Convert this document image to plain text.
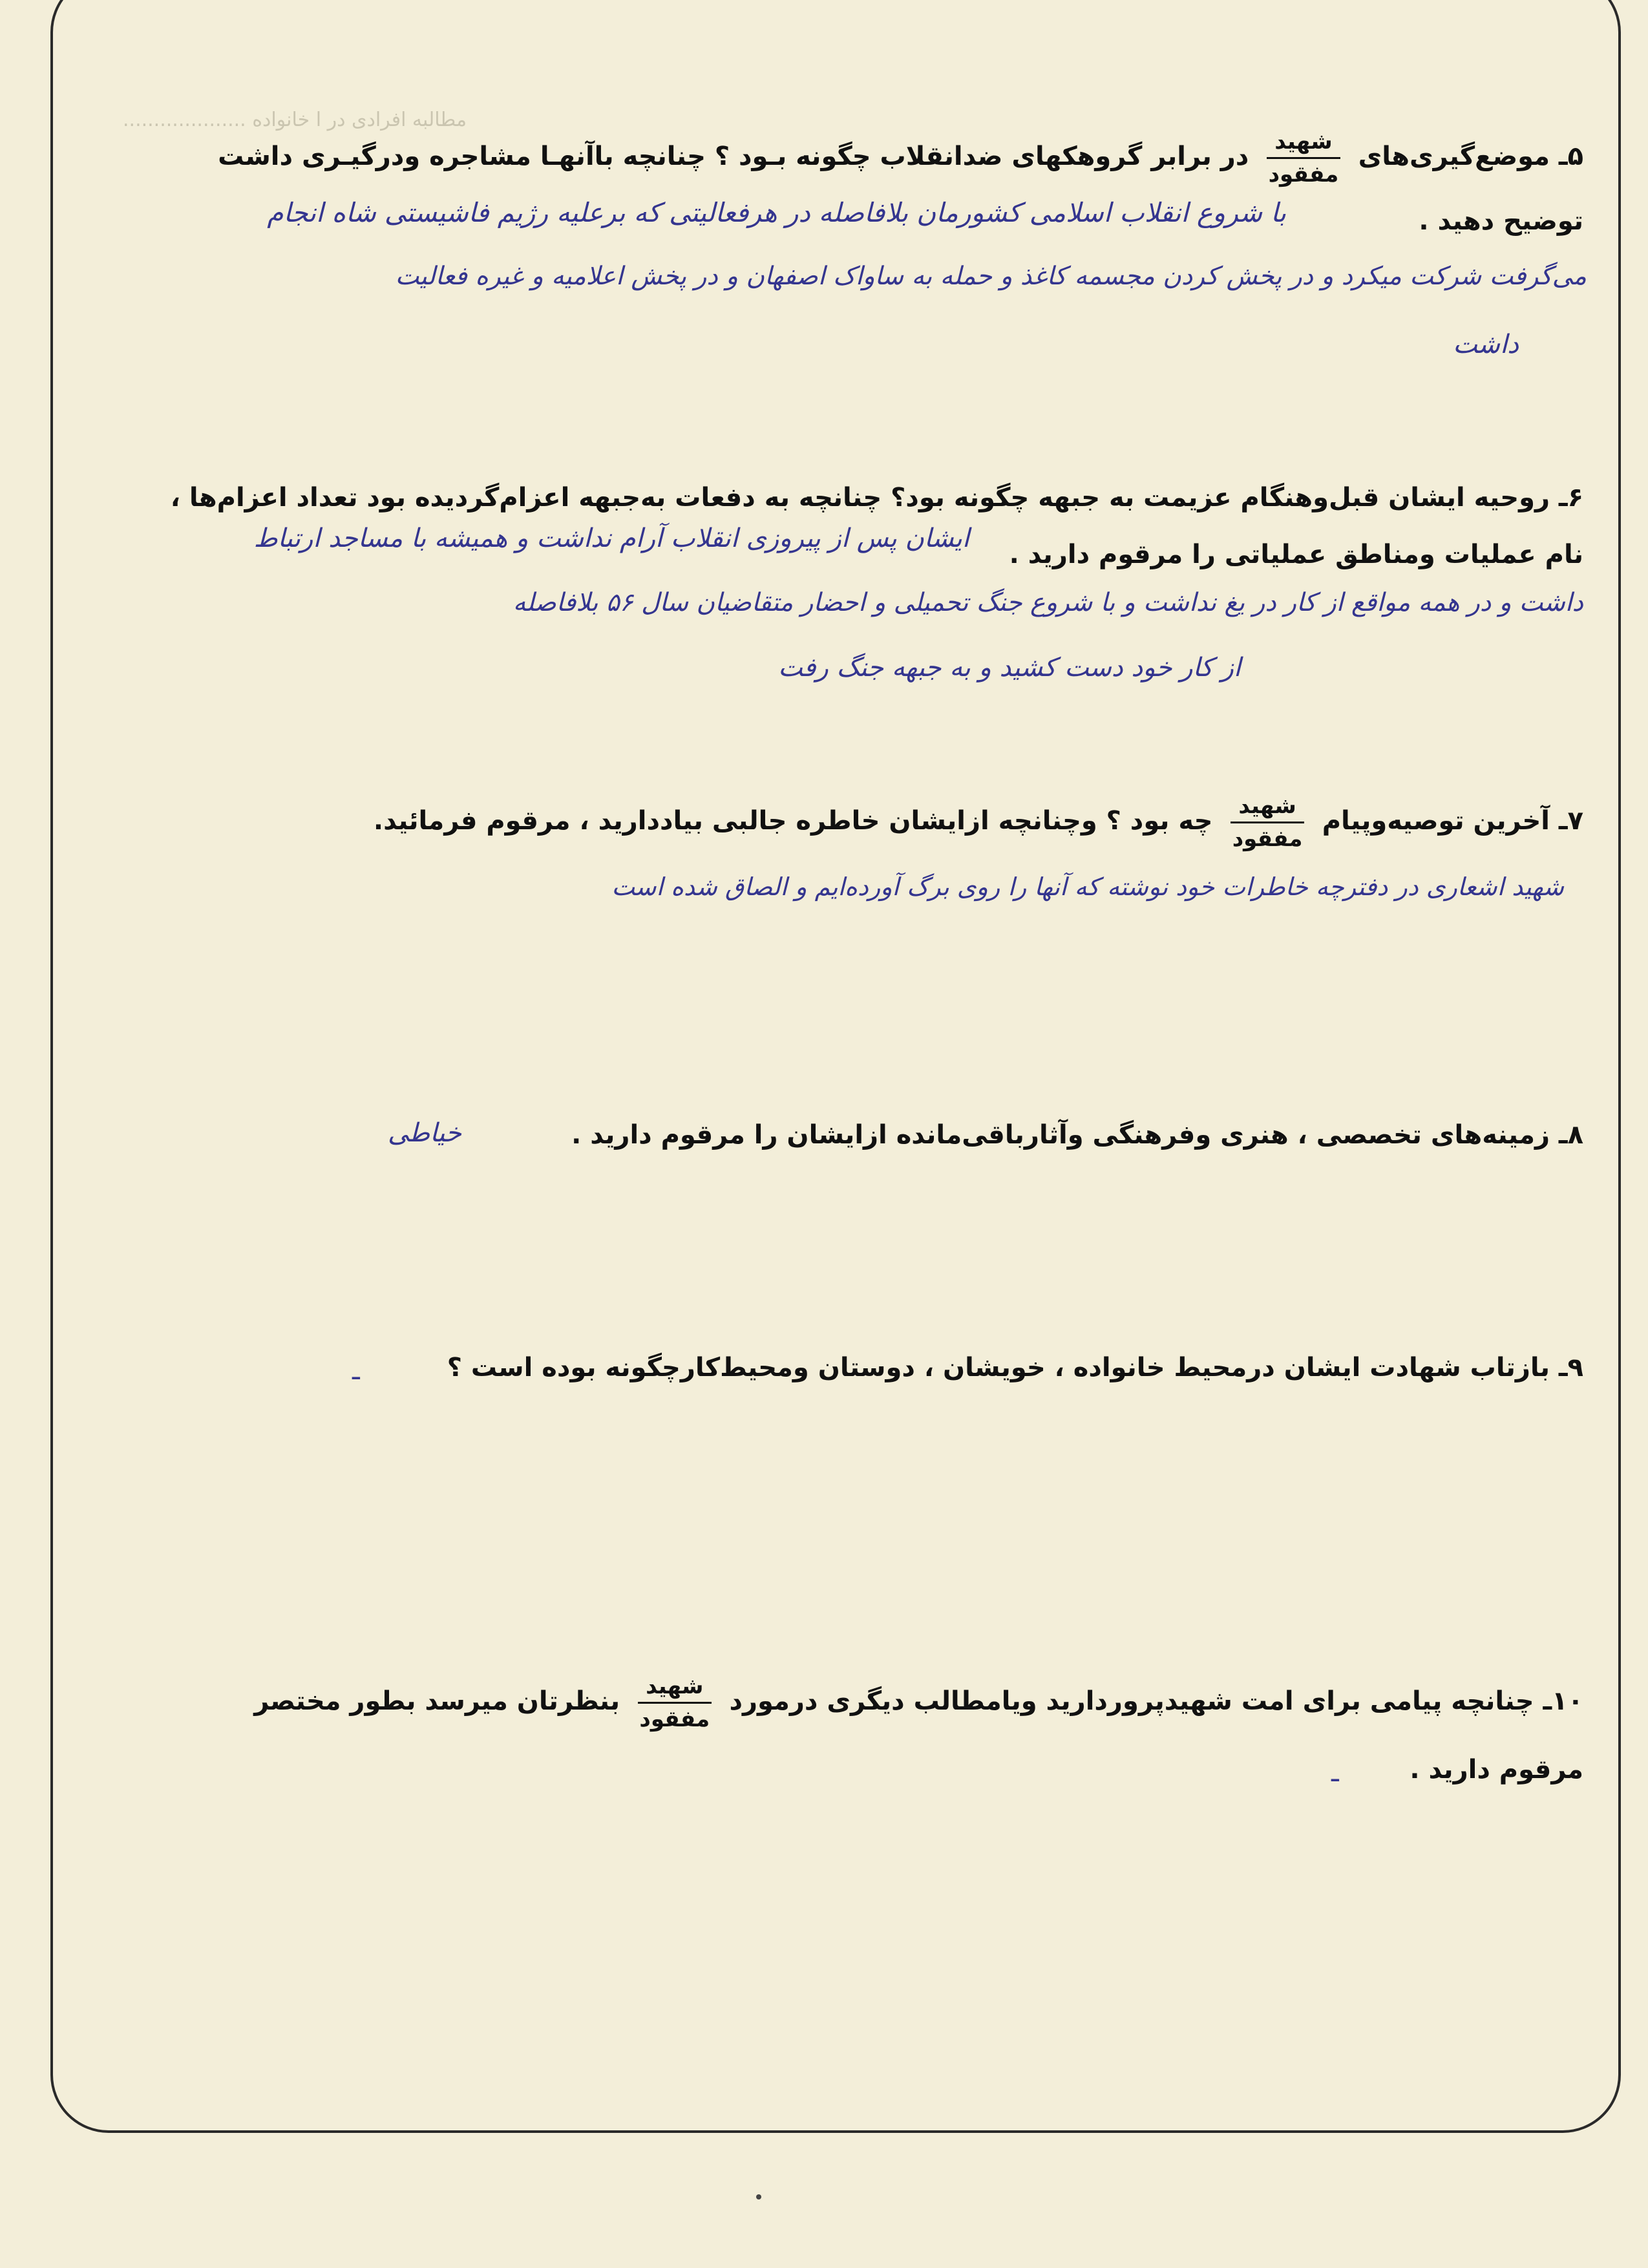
مطالبه افرادی در ا خانواده ....................
۵ـ موضع‌گیری‌های
$\frac{\text{شهید}}{\text{مفقود}}$
در برابر گروهکهای ضدانقلاب چگونه بـود ؟ چنانچه باآنهـا مشاجره ودرگیـری داشت
توضیح دهید .
با شروع انقلاب اسلامی کشورمان بلافاصله در هرفعالیتی که برعلیه رژیم فاشیستی شاه انجام
می‌گرفت شرکت میکرد و در پخش کردن مجسمه کاغذ و حمله به ساواک اصفهان و در پخش اعلامیه و غیره فعالیت
داشت
۶ـ روحیه ایشان قبل‌وهنگام عزیمت به جبهه چگونه بود؟ چنانچه به دفعات به‌جبهه اعزام‌گردیده بود تعداد اعزام‌ها ،
نام عملیات ومناطق عملیاتی را مرقوم دارید .
ایشان پس از پیروزی انقلاب آرام نداشت و همیشه با مساجد ارتباط
داشت و در همه مواقع از کار در یغ نداشت و با شروع جنگ تحمیلی و احضار متقاضیان سال ۵۶ بلافاصله
از کار خود دست کشید و به جبهه جنگ رفت
۷ـ آخرین توصیه‌وپیام
$\frac{\text{شهید}}{\text{مفقود}}$
چه بود ؟ وچنانچه ازایشان خاطره جالبی بیاددارید ، مرقوم فرمائید.
شهید اشعاری در دفترچه خاطرات خود نوشته که آنها را روی برگ آورده‌ایم و الصاق شده است
۸ـ زمینه‌های تخصصی ، هنری وفرهنگی وآثارباقی‌مانده ازایشان را مرقوم دارید .
خیاطی
۹ـ بازتاب شهادت ایشان درمحیط خانواده ، خویشان ، دوستان ومحیط‌کارچگونه بوده است ؟
ـ
۱۰ـ چنانچه پیامی برای امت شهیدپروردارید ویامطالب دیگری درمورد
$\frac{\text{شهید}}{\text{مفقود}}$
بنظرتان میرسد بطور مختصر
مرقوم دارید .
ـ
